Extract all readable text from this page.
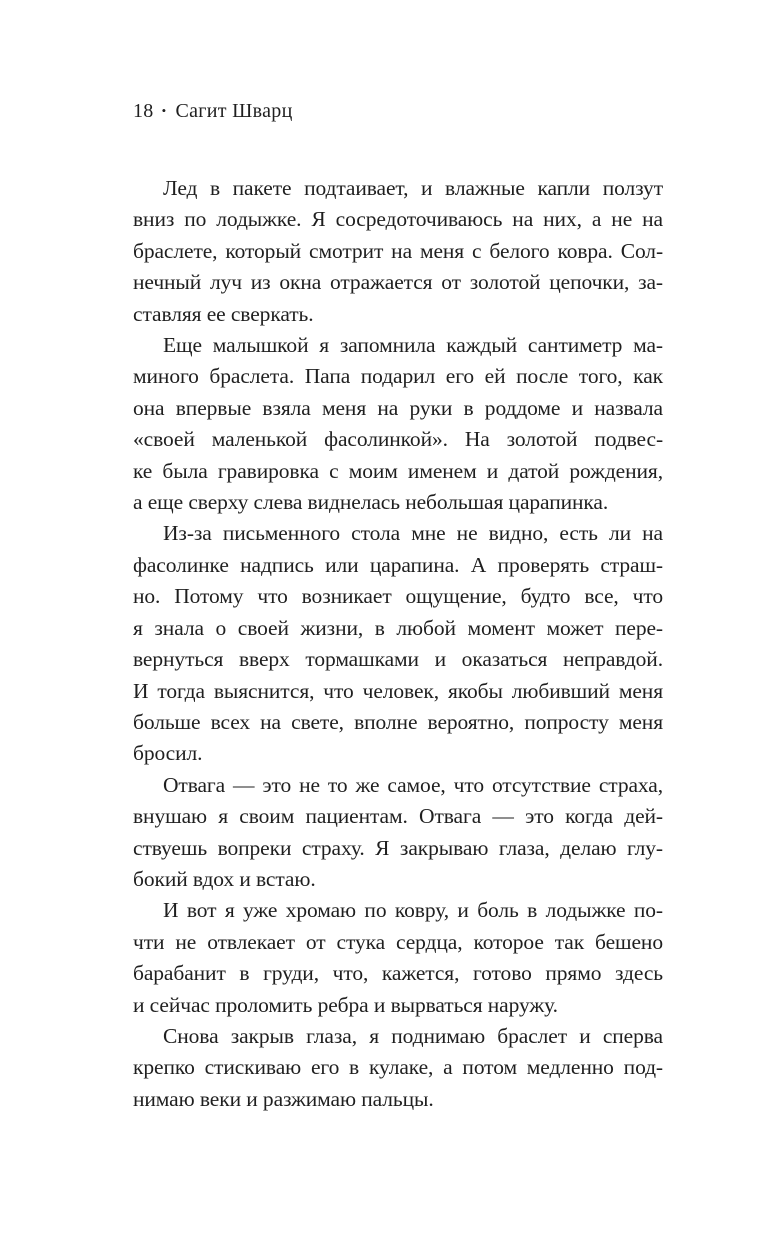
18 • Сагит Шварц
Лед в пакете подтаивает, и влажные капли ползут
вниз по лодыжке. Я сосредоточиваюсь на них, а не на
браслете, который смотрит на меня с белого ковра. Сол-
нечный луч из окна отражается от золотой цепочки, за-
ставляя ее сверкать.
Еще малышкой я запомнила каждый сантиметр ма-
миного браслета. Папа подарил его ей после того, как
она впервые взяла меня на руки в роддоме и назвала
«своей маленькой фасолинкой». На золотой подвес-
ке была гравировка с моим именем и датой рождения,
а еще сверху слева виднелась небольшая царапинка.
Из-за письменного стола мне не видно, есть ли на
фасолинке надпись или царапина. А проверять страш-
но. Потому что возникает ощущение, будто все, что
я знала о своей жизни, в любой момент может пере-
вернуться вверх тормашками и оказаться неправдой.
И тогда выяснится, что человек, якобы любивший меня
больше всех на свете, вполне вероятно, попросту меня
бросил.
Отвага — это не то же самое, что отсутствие страха,
внушаю я своим пациентам. Отвага — это когда дей-
ствуешь вопреки страху. Я закрываю глаза, делаю глу-
бокий вдох и встаю.
И вот я уже хромаю по ковру, и боль в лодыжке по-
чти не отвлекает от стука сердца, которое так бешено
барабанит в груди, что, кажется, готово прямо здесь
и сейчас проломить ребра и вырваться наружу.
Снова закрыв глаза, я поднимаю браслет и сперва
крепко стискиваю его в кулаке, а потом медленно под-
нимаю веки и разжимаю пальцы.
